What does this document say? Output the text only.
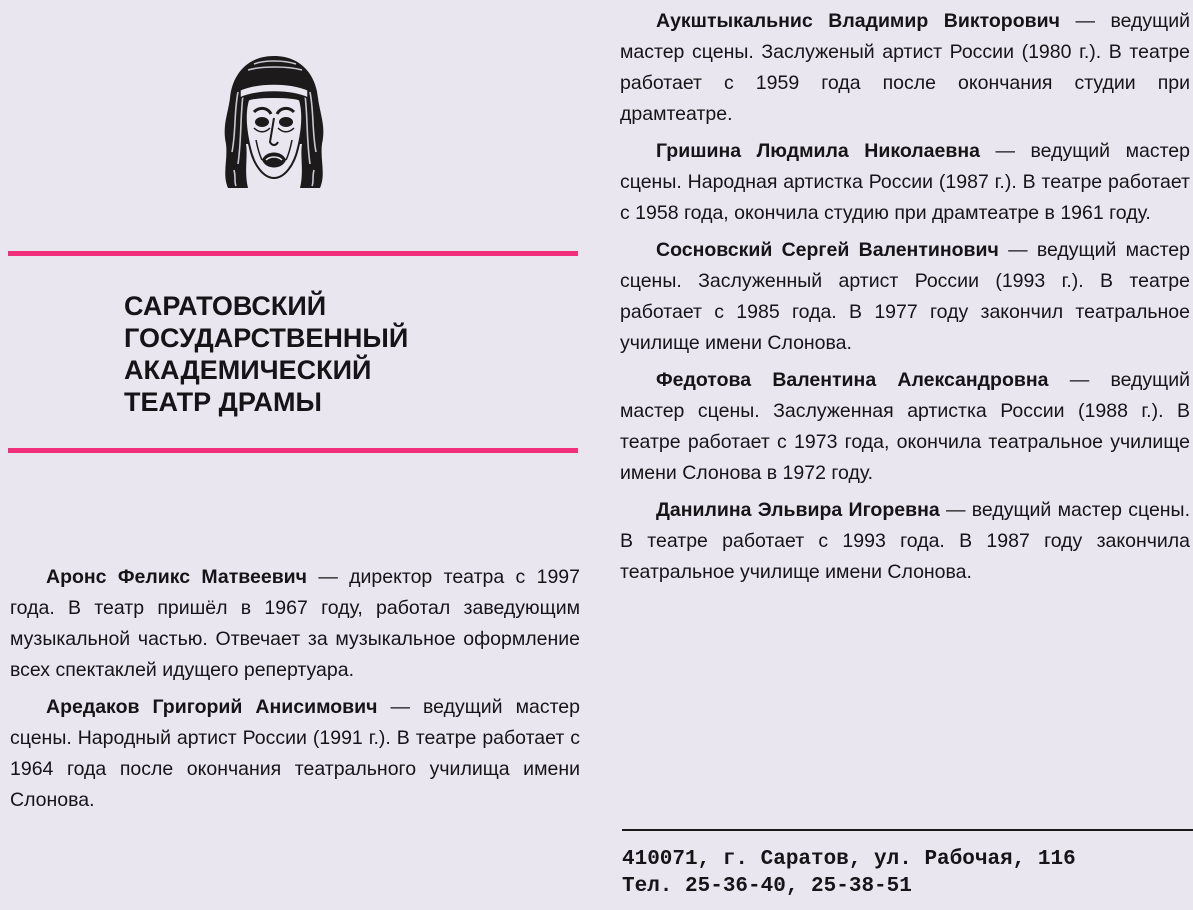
САРАТОВСКИЙ
ГОСУДАРСТВЕННЫЙ
АКАДЕМИЧЕСКИЙ
ТЕАТР ДРАМЫ

Аронс Феликс Матвеевич — директор театра с 1997 года. В театр пришёл в 1967 году, работал заведующим музыкальной частью. Отвечает за музыкальное оформление всех спектаклей идущего репертуара.

Аредаков Григорий Анисимович — ведущий мастер сцены. Народный артист России (1991 г.). В театре работает с 1964 года после окончания театрального училища имени Слонова.

Аукштыкальнис Владимир Викторович — ведущий мастер сцены. Заслуженый артист России (1980 г.). В театре работает с 1959 года после окончания студии при драмтеатре.

Гришина Людмила Николаевна — ведущий мастер сцены. Народная артистка России (1987 г.). В театре работает с 1958 года, окончила студию при драмтеатре в 1961 году.

Сосновский Сергей Валентинович — ведущий мастер сцены. Заслуженный артист России (1993 г.). В театре работает с 1985 года. В 1977 году закончил театральное училище имени Слонова.

Федотова Валентина Александровна — ведущий мастер сцены. Заслуженная артистка России (1988 г.). В театре работает с 1973 года, окончила театральное училище имени Слонова в 1972 году.

Данилина Эльвира Игоревна — ведущий мастер сцены. В театре работает с 1993 года. В 1987 году закончила театральное училище имени Слонова.

410071, г. Саратов, ул. Рабочая, 116
Тел. 25-36-40, 25-38-51
